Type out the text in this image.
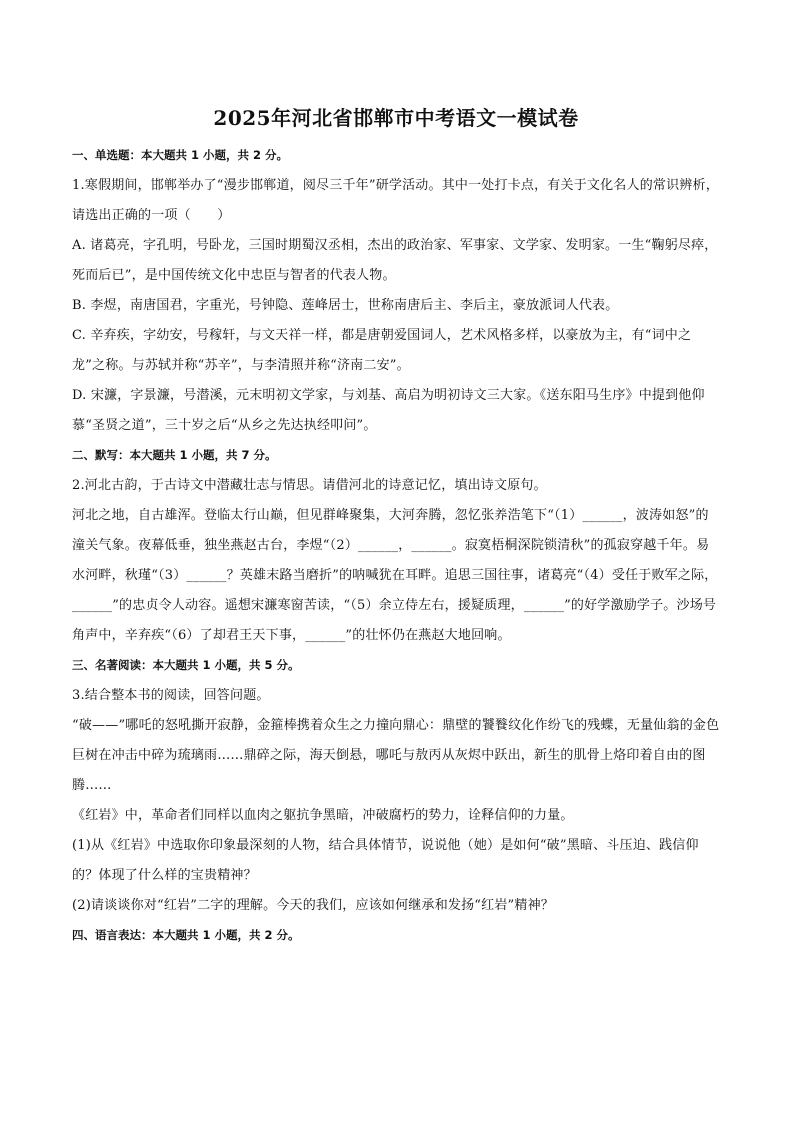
2025年河北省邯郸市中考语文一模试卷
一、单选题：本大题共 1 小题，共 2 分。

1.寒假期间，邯郸举办了“漫步邯郸道，阅尽三千年”研学活动。其中一处打卡点，有关于文化名人的常识辨析，请选出正确的一项（　　）

A. 诸葛亮，字孔明，号卧龙，三国时期蜀汉丞相，杰出的政治家、军事家、文学家、发明家。一生“鞠躬尽瘁，死而后已”，是中国传统文化中忠臣与智者的代表人物。

B. 李煜，南唐国君，字重光，号钟隐、莲峰居士，世称南唐后主、李后主，豪放派词人代表。

C. 辛弃疾，字幼安，号稼轩，与文天祥一样，都是唐朝爱国词人，艺术风格多样，以豪放为主，有“词中之龙”之称。与苏轼并称“苏辛”，与李清照并称“济南二安”。

D. 宋濂，字景濂，号潜溪，元末明初文学家，与刘基、高启为明初诗文三大家。《送东阳马生序》中提到他仰慕“圣贤之道”，三十岁之后“从乡之先达执经叩问”。

二、默写：本大题共 1 小题，共 7 分。

2.河北古韵，于古诗文中潜藏壮志与情思。请借河北的诗意记忆，填出诗文原句。

河北之地，自古雄浑。登临太行山巅，但见群峰聚集，大河奔腾，忽忆张养浩笔下“（1）______，波涛如怒”的潼关气象。夜幕低垂，独坐燕赵古台，李煜“（2）______，______。寂寞梧桐深院锁清秋”的孤寂穿越千年。易水河畔，秋瑾“（3）______？英雄末路当磨折”的呐喊犹在耳畔。追思三国往事，诸葛亮“（4）受任于败军之际，______”的忠贞令人动容。遥想宋濂寒窗苦读，“（5）余立侍左右，援疑质理，______”的好学激励学子。沙场号角声中，辛弃疾“（6）了却君王天下事，______”的壮怀仍在燕赵大地回响。

三、名著阅读：本大题共 1 小题，共 5 分。

3.结合整本书的阅读，回答问题。

“破——”哪吒的怒吼撕开寂静，金箍棒携着众生之力撞向鼎心：鼎壁的饕餮纹化作纷飞的残蝶，无量仙翁的金色巨树在冲击中碎为琉璃雨……鼎碎之际，海天倒悬，哪吒与敖丙从灰烬中跃出，新生的肌骨上烙印着自由的图腾……

《红岩》中，革命者们同样以血肉之躯抗争黑暗，冲破腐朽的势力，诠释信仰的力量。

(1)从《红岩》中选取你印象最深刻的人物，结合具体情节，说说他（她）是如何“破”黑暗、斗压迫、践信仰的？体现了什么样的宝贵精神？

(2)请谈谈你对“红岩”二字的理解。今天的我们，应该如何继承和发扬“红岩”精神？

四、语言表达：本大题共 1 小题，共 2 分。
